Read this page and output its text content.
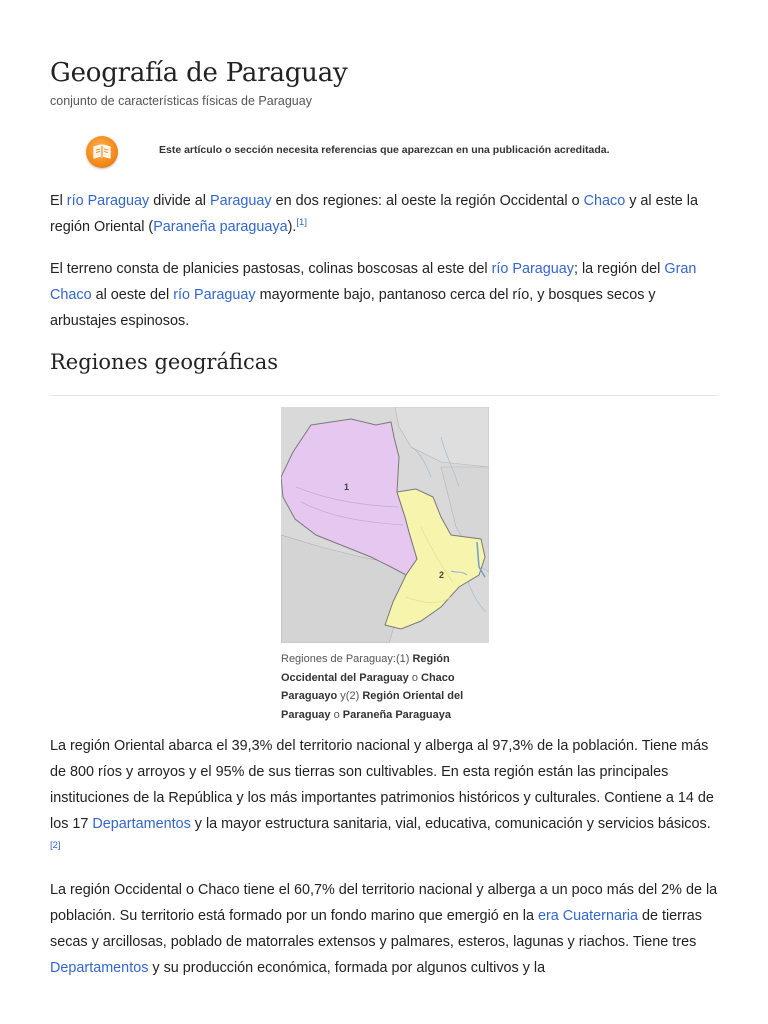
Geografía de Paraguay
conjunto de características físicas de Paraguay
Este artículo o sección necesita referencias que aparezcan en una publicación acreditada.

El río Paraguay divide al Paraguay en dos regiones: al oeste la región Occidental o Chaco y al este la región Oriental (Paraneña paraguaya).[1]

El terreno consta de planicies pastosas, colinas boscosas al este del río Paraguay; la región del Gran Chaco al oeste del río Paraguay mayormente bajo, pantanoso cerca del río, y bosques secos y arbustajes espinosos.

Regiones geográficas
1
2
Regiones de Paraguay:(1) Región Occidental del Paraguay o Chaco Paraguayo y(2) Región Oriental del Paraguay o Paraneña Paraguaya

La región Oriental abarca el 39,3% del territorio nacional y alberga al 97,3% de la población. Tiene más de 800 ríos y arroyos y el 95% de sus tierras son cultivables. En esta región están las principales instituciones de la República y los más importantes patrimonios históricos y culturales. Contiene a 14 de los 17 Departamentos y la mayor estructura sanitaria, vial, educativa, comunicación y servicios básicos.[2]

La región Occidental o Chaco tiene el 60,7% del territorio nacional y alberga a un poco más del 2% de la población. Su territorio está formado por un fondo marino que emergió en la era Cuaternaria de tierras secas y arcillosas, poblado de matorrales extensos y palmares, esteros, lagunas y riachos. Tiene tres Departamentos y su producción económica, formada por algunos cultivos y la
